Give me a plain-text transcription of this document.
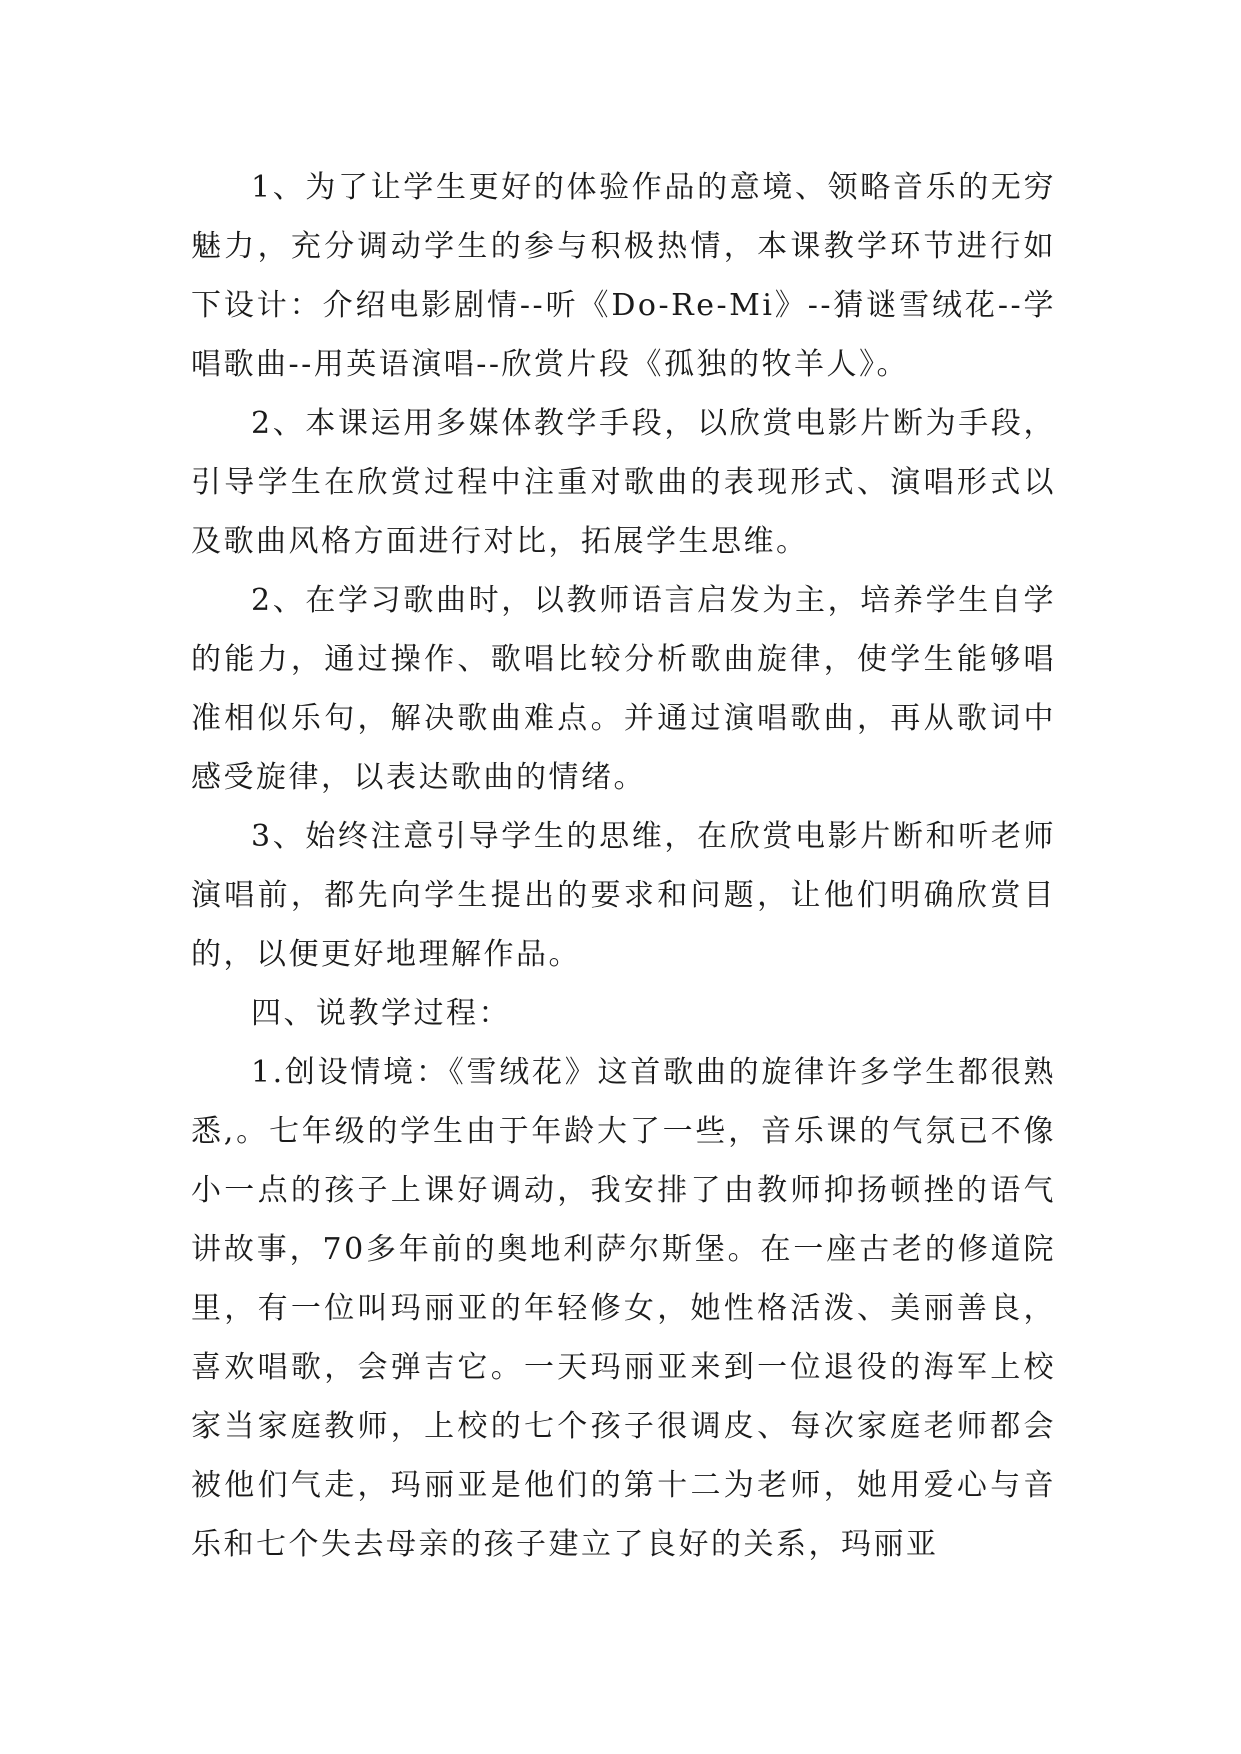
1、为了让学生更好的体验作品的意境、领略音乐的无穷魅力，充分调动学生的参与积极热情，本课教学环节进行如下设计：介绍电影剧情--听《Do-Re-Mi》--猜谜雪绒花--学唱歌曲--用英语演唱--欣赏片段《孤独的牧羊人》。

2、本课运用多媒体教学手段，以欣赏电影片断为手段，引导学生在欣赏过程中注重对歌曲的表现形式、演唱形式以及歌曲风格方面进行对比，拓展学生思维。

2、在学习歌曲时，以教师语言启发为主，培养学生自学的能力，通过操作、歌唱比较分析歌曲旋律，使学生能够唱准相似乐句，解决歌曲难点。并通过演唱歌曲，再从歌词中感受旋律，以表达歌曲的情绪。

3、始终注意引导学生的思维，在欣赏电影片断和听老师演唱前，都先向学生提出的要求和问题，让他们明确欣赏目的，以便更好地理解作品。

四、说教学过程：

1.创设情境：《雪绒花》这首歌曲的旋律许多学生都很熟悉,。七年级的学生由于年龄大了一些，音乐课的气氛已不像小一点的孩子上课好调动，我安排了由教师抑扬顿挫的语气讲故事，70多年前的奥地利萨尔斯堡。在一座古老的修道院里，有一位叫玛丽亚的年轻修女，她性格活泼、美丽善良，喜欢唱歌，会弹吉它。一天玛丽亚来到一位退役的海军上校家当家庭教师，上校的七个孩子很调皮、每次家庭老师都会被他们气走，玛丽亚是他们的第十二为老师，她用爱心与音乐和七个失去母亲的孩子建立了良好的关系，玛丽亚
